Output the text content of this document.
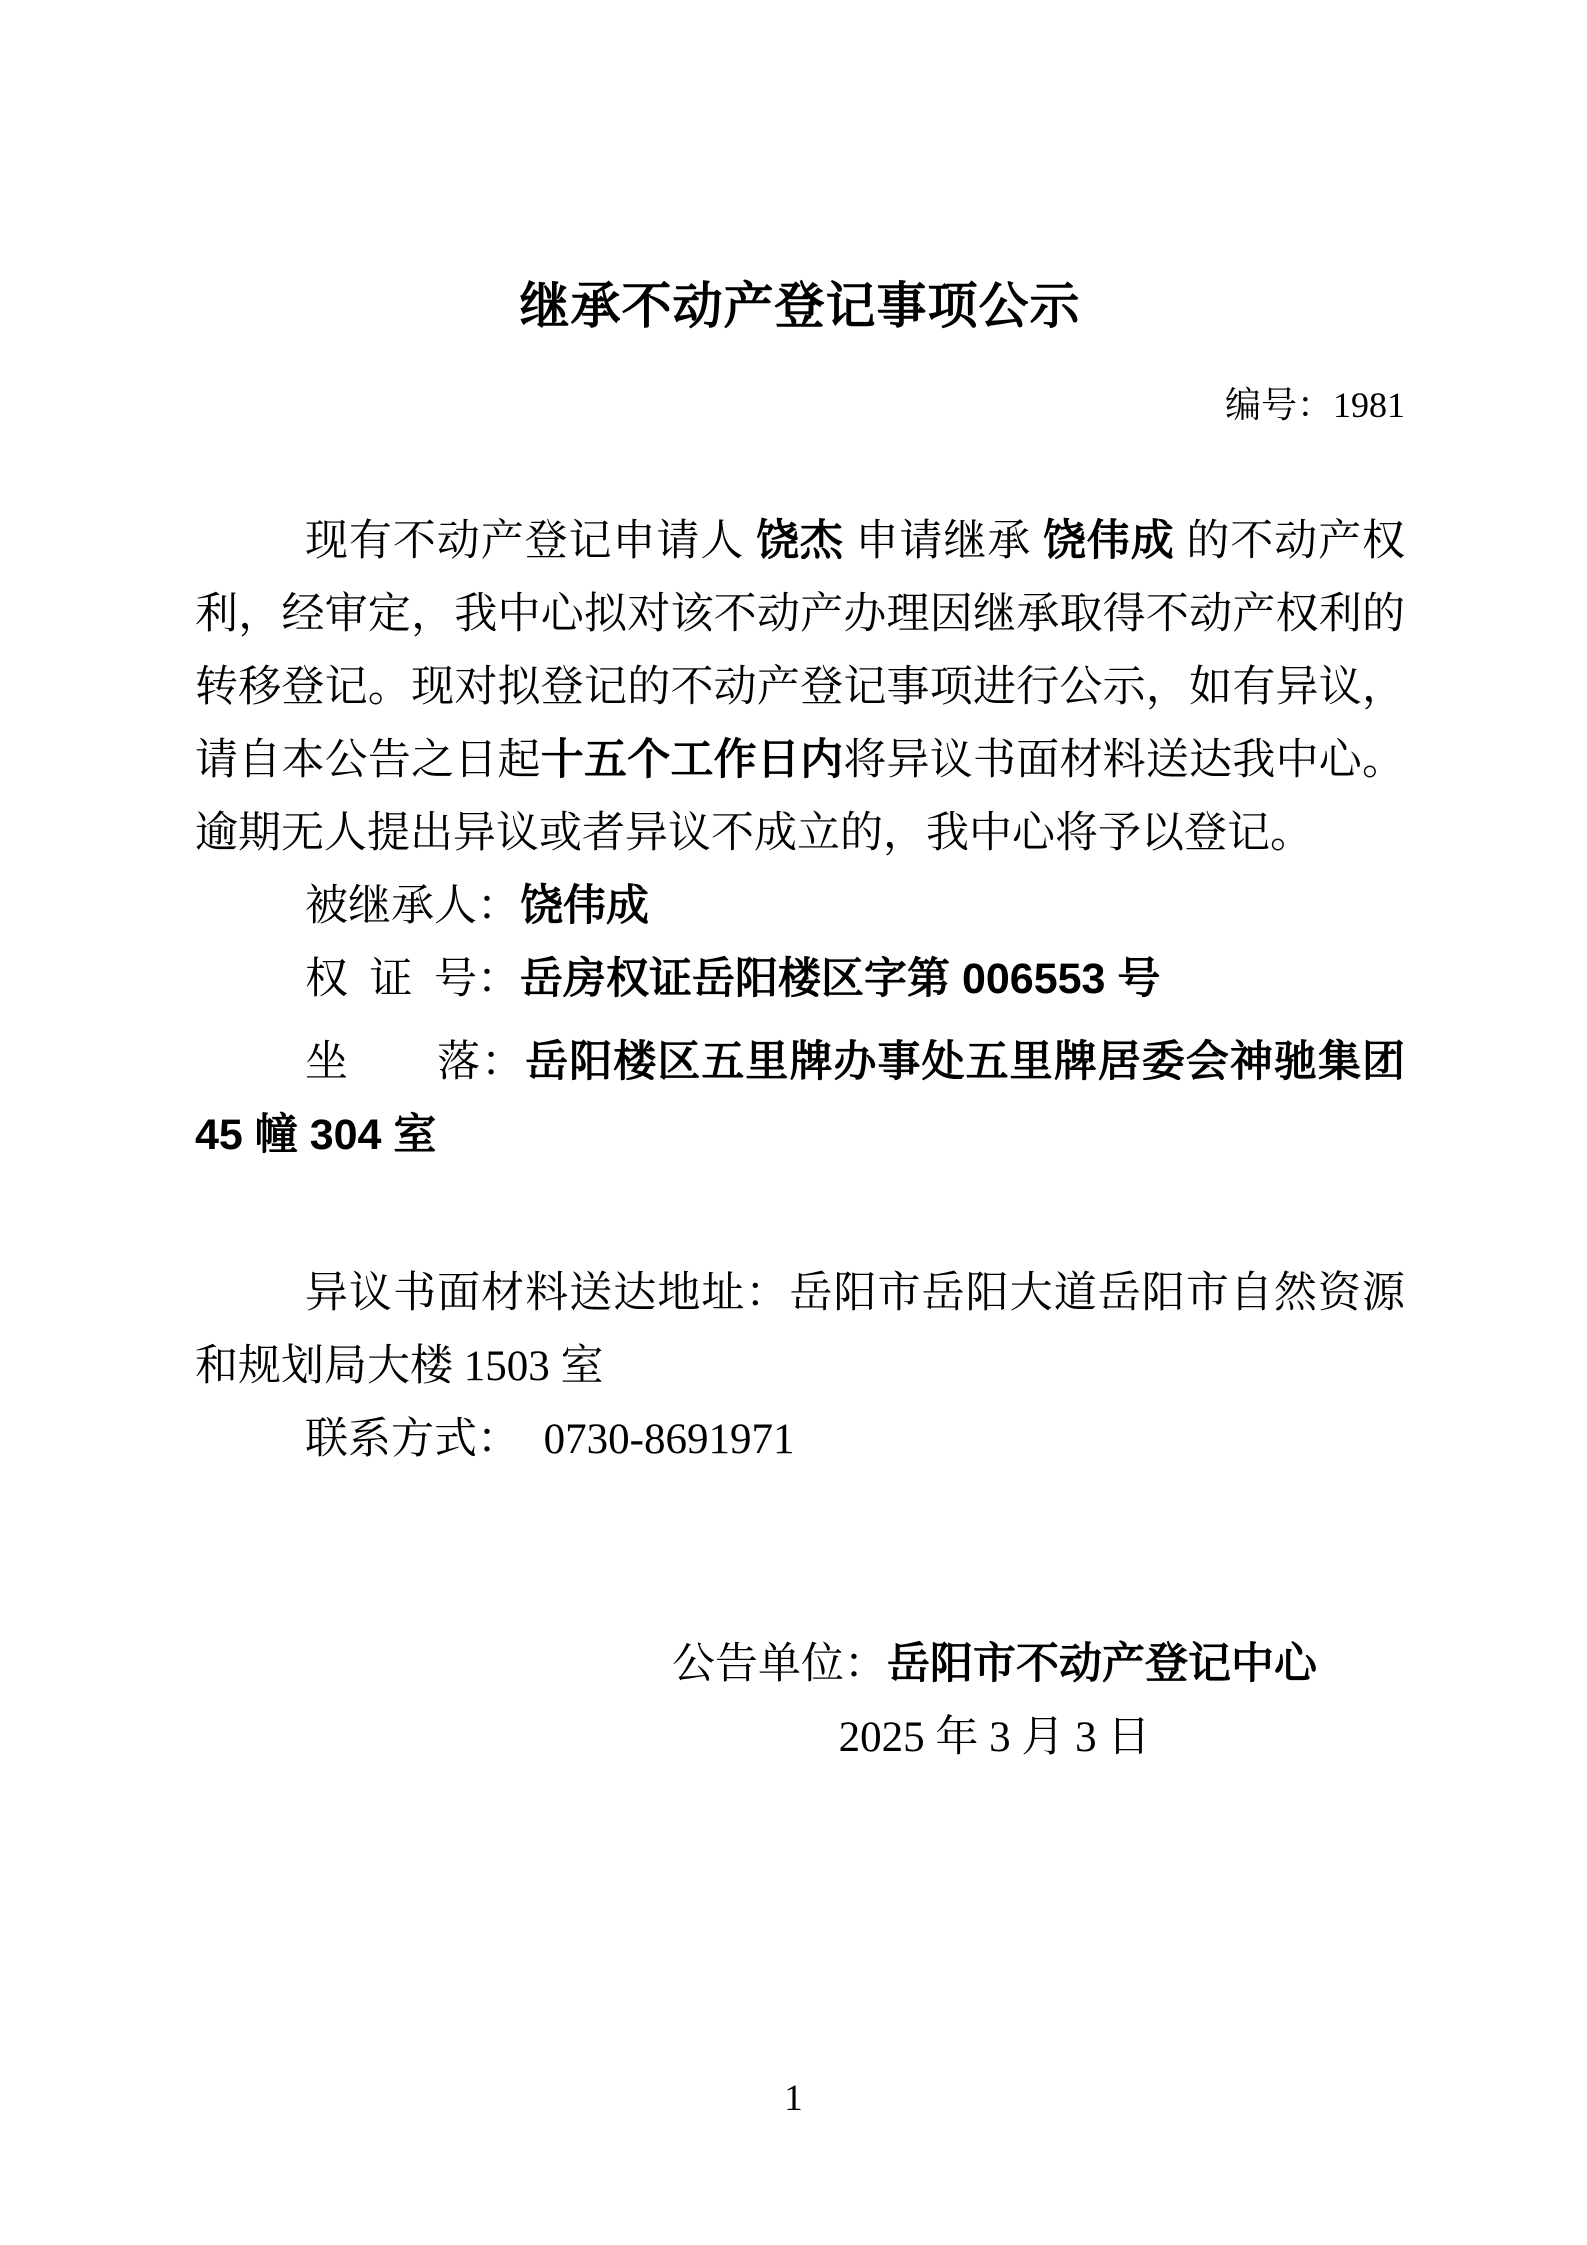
继承不动产登记事项公示
编号：1981

现有不动产登记申请人 饶杰 申请继承 饶伟成 的不动产权利，经审定，我中心拟对该不动产办理因继承取得不动产权利的转移登记。现对拟登记的不动产登记事项进行公示，如有异议，请自本公告之日起十五个工作日内将异议书面材料送达我中心。逾期无人提出异议或者异议不成立的，我中心将予以登记。

被继承人：饶伟成

权 证 号：岳房权证岳阳楼区字第 006553 号

坐　　落：岳阳楼区五里牌办事处五里牌居委会神驰集团 45 幢 304 室

异议书面材料送达地址：岳阳市岳阳大道岳阳市自然资源和规划局大楼 1503 室

联系方式： 0730-8691971

公告单位：岳阳市不动产登记中心
2025 年 3 月 3 日
1
